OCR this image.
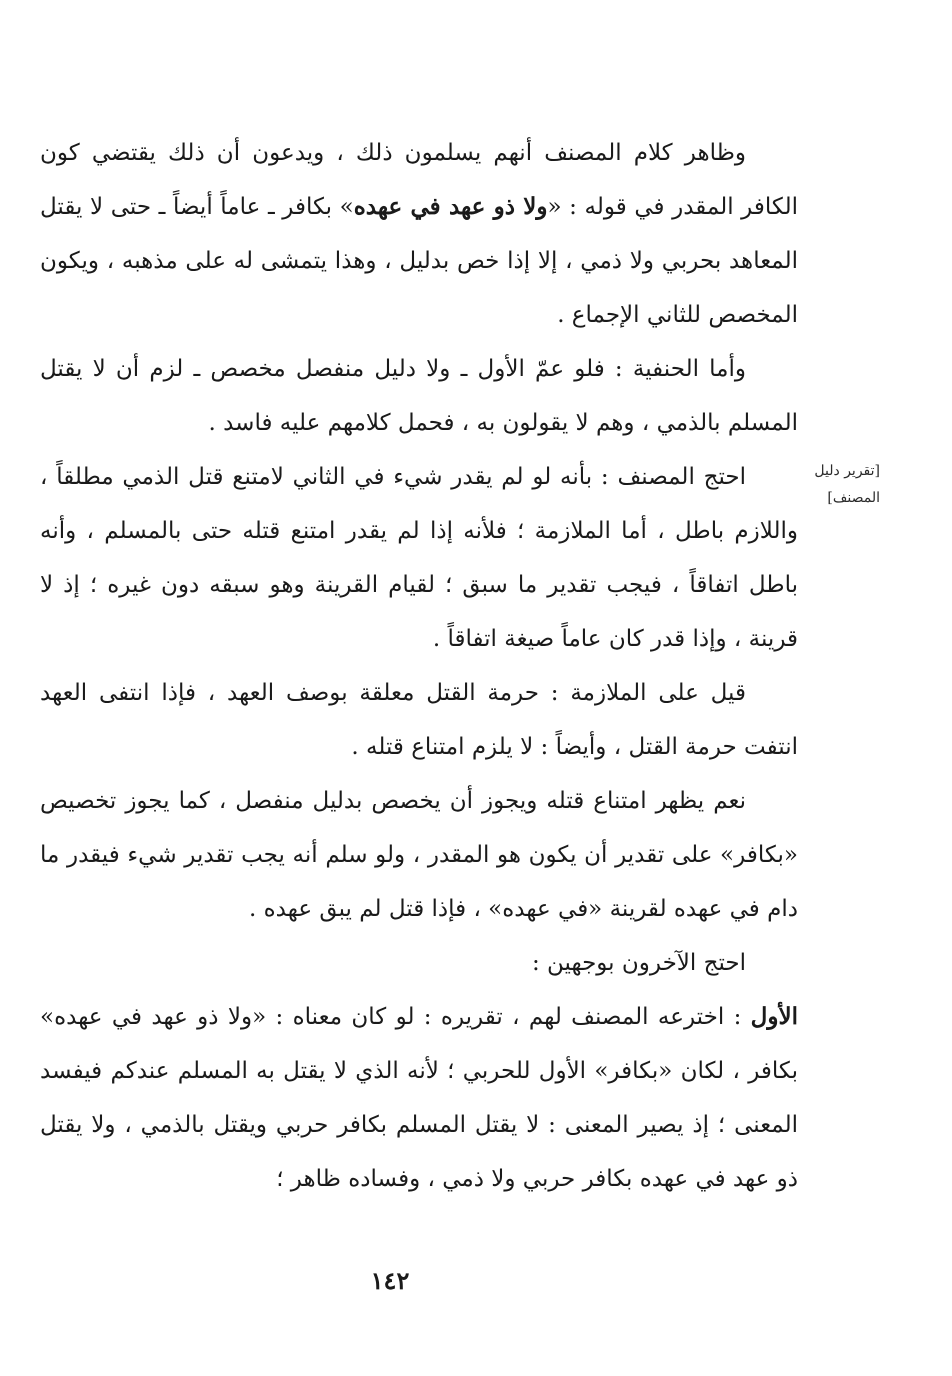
وظاهر كلام المصنف أنهم يسلمون ذلك ، ويدعون أن ذلك يقتضي كون الكافر المقدر في قوله : «ولا ذو عهد في عهده» بكافر ـ عاماً أيضاً ـ حتى لا يقتل المعاهد بحربي ولا ذمي ، إلا إذا خص بدليل ، وهذا يتمشى له على مذهبه ، ويكون المخصص للثاني الإجماع .

وأما الحنفية : فلو عمّ الأول ـ ولا دليل منفصل مخصص ـ لزم أن لا يقتل المسلم بالذمي ، وهم لا يقولون به ، فحمل كلامهم عليه فاسد .

احتج المصنف : بأنه لو لم يقدر شيء في الثاني لامتنع قتل الذمي مطلقاً ، واللازم باطل ، أما الملازمة ؛ فلأنه إذا لم يقدر امتنع قتله حتى بالمسلم ، وأنه باطل اتفاقاً ، فيجب تقدير ما سبق ؛ لقيام القرينة وهو سبقه دون غيره ؛ إذ لا قرينة ، وإذا قدر كان عاماً صيغة اتفاقاً .

قيل على الملازمة : حرمة القتل معلقة بوصف العهد ، فإذا انتفى العهد انتفت حرمة القتل ، وأيضاً : لا يلزم امتناع قتله .

نعم يظهر امتناع قتله ويجوز أن يخصص بدليل منفصل ، كما يجوز تخصيص «بكافر» على تقدير أن يكون هو المقدر ، ولو سلم أنه يجب تقدير شيء فيقدر ما دام في عهده لقرينة «في عهده» ، فإذا قتل لم يبق عهده .

احتج الآخرون بوجهين :

الأول : اخترعه المصنف لهم ، تقريره : لو كان معناه : «ولا ذو عهد في عهده» بكافر ، لكان «بكافر» الأول للحربي ؛ لأنه الذي لا يقتل به المسلم عندكم فيفسد المعنى ؛ إذ يصير المعنى : لا يقتل المسلم بكافر حربي ويقتل بالذمي ، ولا يقتل ذو عهد في عهده بكافر حربي ولا ذمي ، وفساده ظاهر ؛

[تقرير دليل المصنف]
١٤٢
